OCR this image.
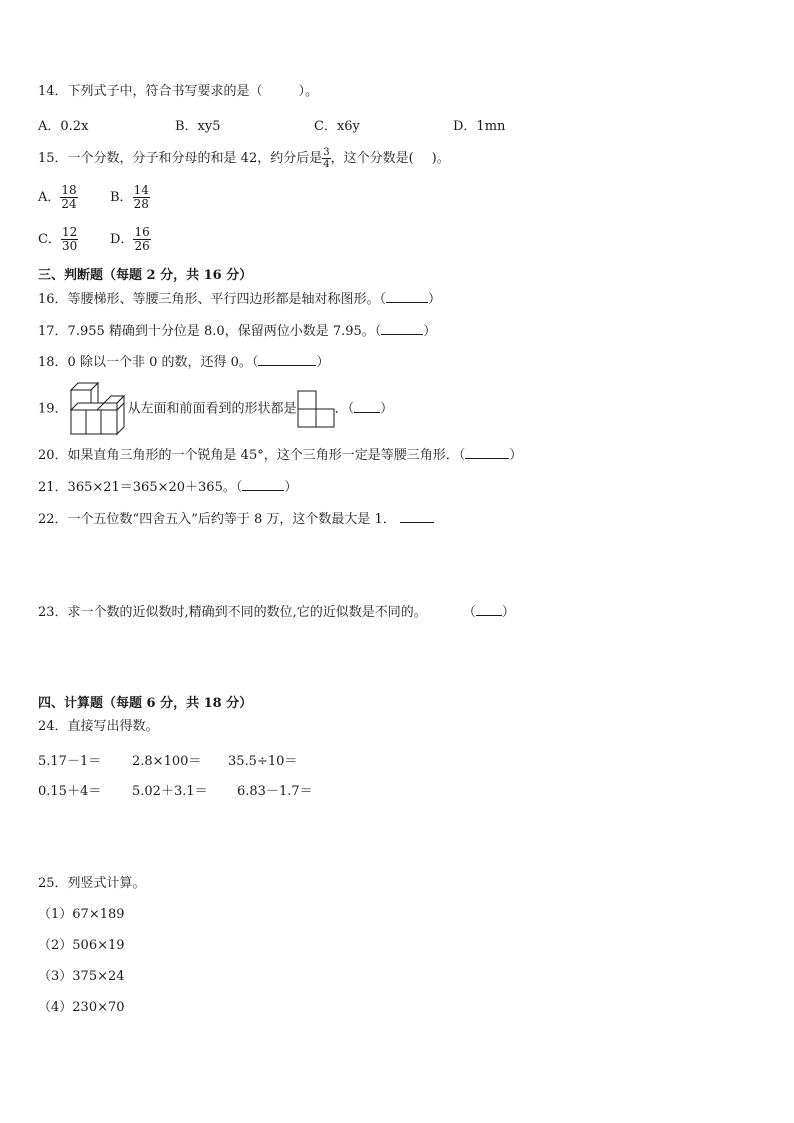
14．下列式子中，符合书写要求的是（	）。
A．0.2x	B．xy5	C．x6y	D．1mn
15．一个分数，分子和分母的和是 42，约分后是 $\frac{3}{4}$ ，这个分数是( )。
A． $\frac{18}{24}$ B． $\frac{14}{28}$
C． $\frac{12}{30}$ D． $\frac{16}{26}$
三、判断题（每题 2 分，共 16 分）
16．等腰梯形、等腰三角形、平行四边形都是轴对称图形。（	）
17．7.955 精确到十分位是 8.0，保留两位小数是 7.95。（	）
18．0 除以一个非 0 的数，还得 0。（	）
19．	从左面和前面看到的形状都是	．（ ）
20．如果直角三角形的一个锐角是 45°，这个三角形一定是等腰三角形．（	）
21．365×21＝365×20＋365。（	）
22．一个五位数“四舍五入”后约等于 8 万，这个数最大是 1．
23．求一个数的近似数时,精确到不同的数位,它的近似数是不同的。	（ ）
四、计算题（每题 6 分，共 18 分）
24．直接写出得数。
5.17－1＝ 2.8×100＝ 35.5÷10＝
0.15＋4＝ 5.02＋3.1＝ 6.83－1.7＝
25．列竖式计算。
（1）67×189
（2）506×19
（3）375×24
（4）230×70
